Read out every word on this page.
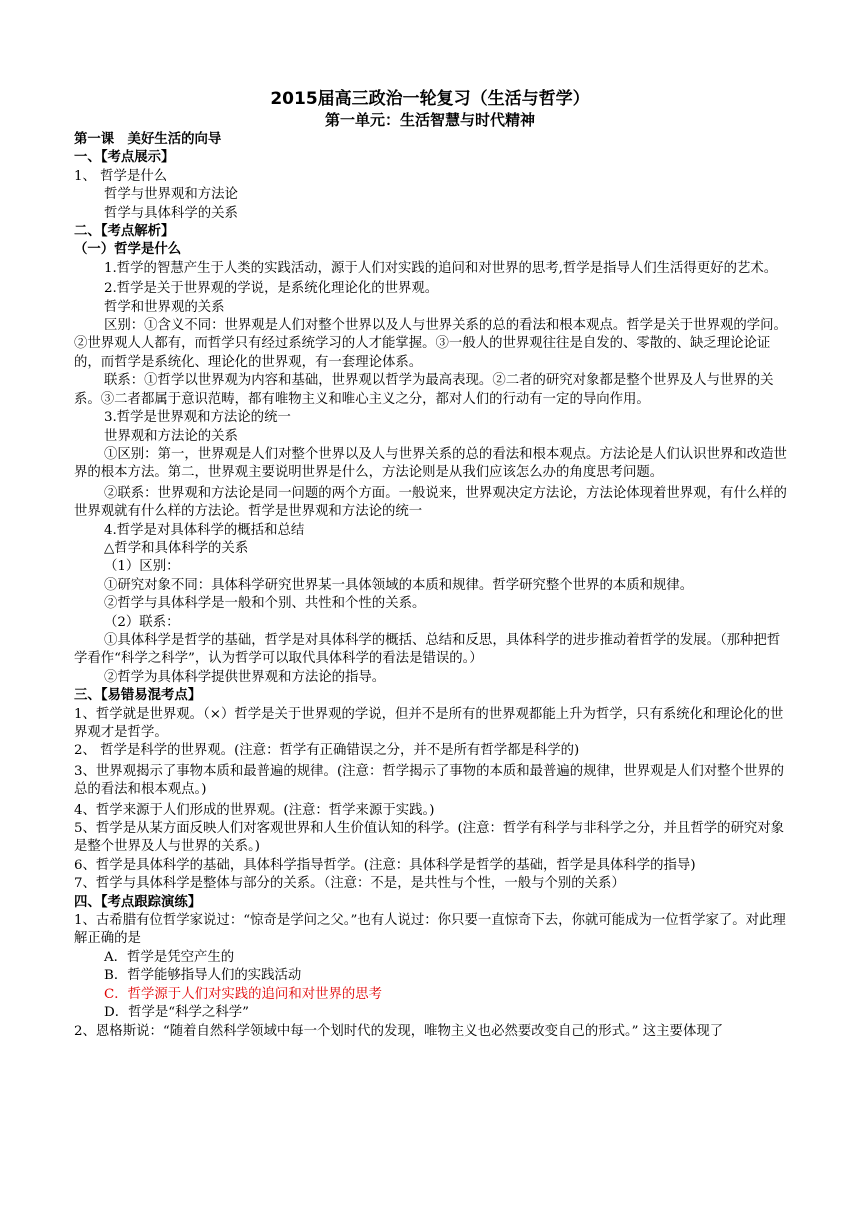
2015届高三政治一轮复习（生活与哲学）
第一单元：生活智慧与时代精神

第一课　美好生活的向导

一、【考点展示】

1、 哲学是什么

哲学与世界观和方法论

哲学与具体科学的关系

二、【考点解析】

（一）哲学是什么

1.哲学的智慧产生于人类的实践活动，源于人们对实践的追问和对世界的思考,哲学是指导人们生活得更好的艺术。

2.哲学是关于世界观的学说，是系统化理论化的世界观。

哲学和世界观的关系

区别：①含义不同：世界观是人们对整个世界以及人与世界关系的总的看法和根本观点。哲学是关于世界观的学问。②世界观人人都有，而哲学只有经过系统学习的人才能掌握。③一般人的世界观往往是自发的、零散的、缺乏理论论证的，而哲学是系统化、理论化的世界观，有一套理论体系。

联系：①哲学以世界观为内容和基础，世界观以哲学为最高表现。②二者的研究对象都是整个世界及人与世界的关系。③二者都属于意识范畴，都有唯物主义和唯心主义之分，都对人们的行动有一定的导向作用。

3.哲学是世界观和方法论的统一

世界观和方法论的关系

①区别：第一，世界观是人们对整个世界以及人与世界关系的总的看法和根本观点。方法论是人们认识世界和改造世界的根本方法。第二，世界观主要说明世界是什么，方法论则是从我们应该怎么办的角度思考问题。

②联系：世界观和方法论是同一问题的两个方面。一般说来，世界观决定方法论，方法论体现着世界观，有什么样的世界观就有什么样的方法论。哲学是世界观和方法论的统一

4.哲学是对具体科学的概括和总结

△哲学和具体科学的关系

（1）区别：

①研究对象不同：具体科学研究世界某一具体领域的本质和规律。哲学研究整个世界的本质和规律。

②哲学与具体科学是一般和个别、共性和个性的关系。

（2）联系：

①具体科学是哲学的基础，哲学是对具体科学的概括、总结和反思，具体科学的进步推动着哲学的发展。（那种把哲学看作“科学之科学”，认为哲学可以取代具体科学的看法是错误的。）

②哲学为具体科学提供世界观和方法论的指导。

三、【易错易混考点】

1、哲学就是世界观。（×）哲学是关于世界观的学说，但并不是所有的世界观都能上升为哲学，只有系统化和理论化的世界观才是哲学。

2、 哲学是科学的世界观。(注意：哲学有正确错误之分，并不是所有哲学都是科学的)

3、世界观揭示了事物本质和最普遍的规律。(注意：哲学揭示了事物的本质和最普遍的规律，世界观是人们对整个世界的总的看法和根本观点。)

4、哲学来源于人们形成的世界观。(注意：哲学来源于实践。)

5、哲学是从某方面反映人们对客观世界和人生价值认知的科学。(注意：哲学有科学与非科学之分，并且哲学的研究对象是整个世界及人与世界的关系。)

6、哲学是具体科学的基础，具体科学指导哲学。(注意：具体科学是哲学的基础，哲学是具体科学的指导)

7、哲学与具体科学是整体与部分的关系。（注意：不是，是共性与个性，一般与个别的关系）

四、【考点跟踪演练】

1、古希腊有位哲学家说过：“惊奇是学问之父。”也有人说过：你只要一直惊奇下去，你就可能成为一位哲学家了。对此理解正确的是

A．哲学是凭空产生的

B．哲学能够指导人们的实践活动

C．哲学源于人们对实践的追问和对世界的思考

D．哲学是“科学之科学”

2、恩格斯说：“随着自然科学领域中每一个划时代的发现，唯物主义也必然要改变自己的形式。” 这主要体现了
